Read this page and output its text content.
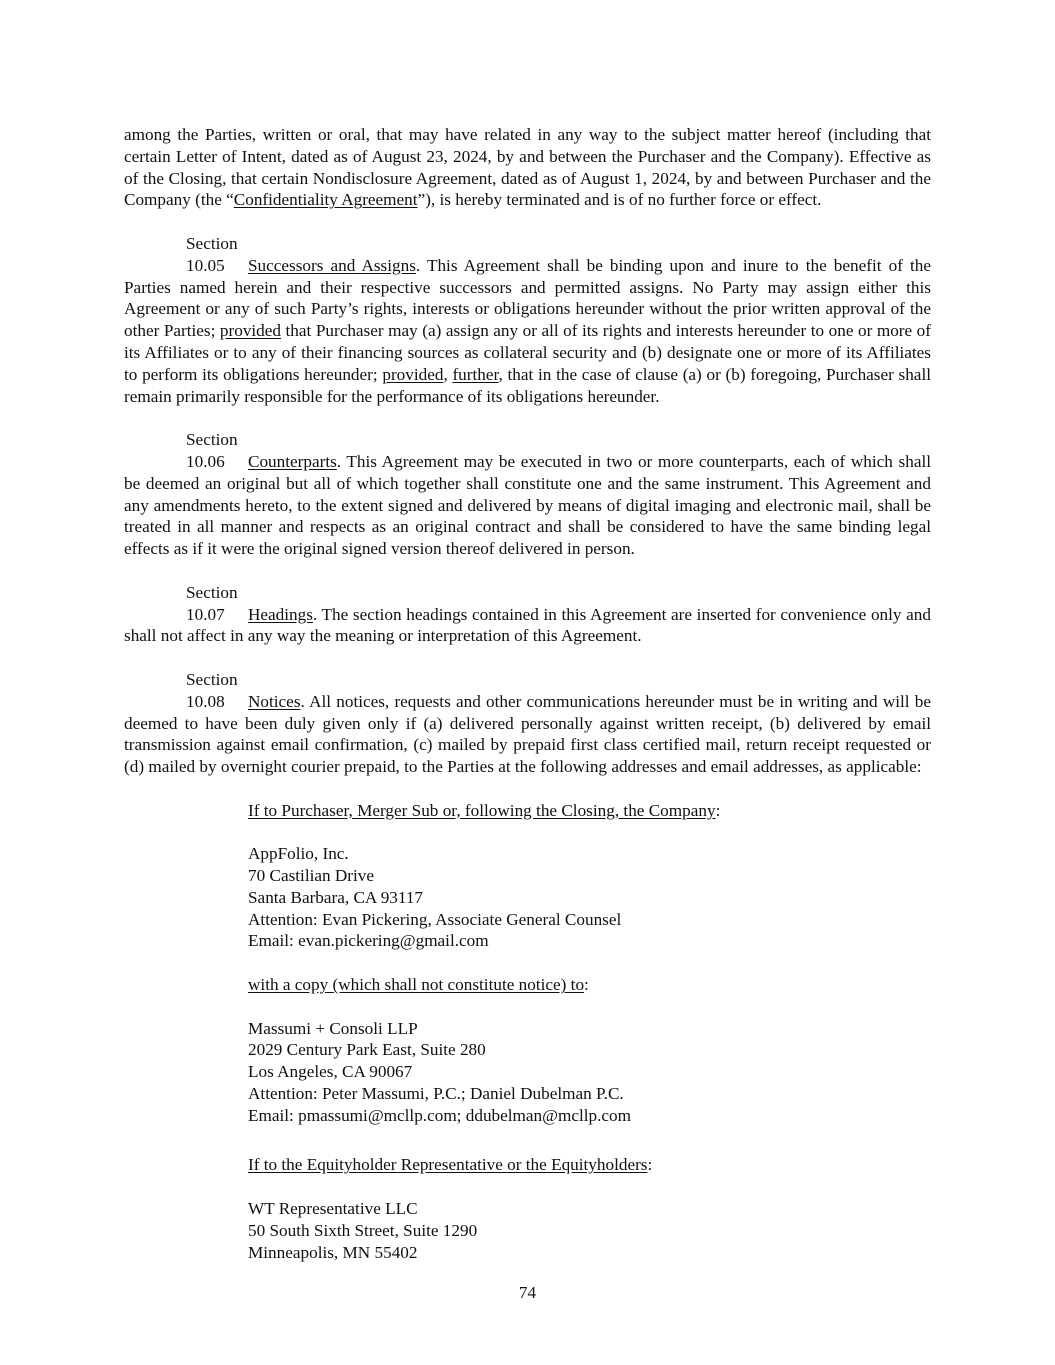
among the Parties, written or oral, that may have related in any way to the subject matter hereof (including that certain Letter of Intent, dated as of August 23, 2024, by and between the Purchaser and the Company). Effective as of the Closing, that certain Nondisclosure Agreement, dated as of August 1, 2024, by and between Purchaser and the Company (the “Confidentiality Agreement”), is hereby terminated and is of no further force or effect.

Section 10.05 Successors and Assigns. This Agreement shall be binding upon and inure to the benefit of the Parties named herein and their respective successors and permitted assigns. No Party may assign either this Agreement or any of such Party’s rights, interests or obligations hereunder without the prior written approval of the other Parties; provided that Purchaser may (a) assign any or all of its rights and interests hereunder to one or more of its Affiliates or to any of their financing sources as collateral security and (b) designate one or more of its Affiliates to perform its obligations hereunder; provided, further, that in the case of clause (a) or (b) foregoing, Purchaser shall remain primarily responsible for the performance of its obligations hereunder.

Section 10.06 Counterparts. This Agreement may be executed in two or more counterparts, each of which shall be deemed an original but all of which together shall constitute one and the same instrument. This Agreement and any amendments hereto, to the extent signed and delivered by means of digital imaging and electronic mail, shall be treated in all manner and respects as an original contract and shall be considered to have the same binding legal effects as if it were the original signed version thereof delivered in person.

Section 10.07 Headings. The section headings contained in this Agreement are inserted for convenience only and shall not affect in any way the meaning or interpretation of this Agreement.

Section 10.08 Notices. All notices, requests and other communications hereunder must be in writing and will be deemed to have been duly given only if (a) delivered personally against written receipt, (b) delivered by email transmission against email confirmation, (c) mailed by prepaid first class certified mail, return receipt requested or (d) mailed by overnight courier prepaid, to the Parties at the following addresses and email addresses, as applicable:

If to Purchaser, Merger Sub or, following the Closing, the Company:
AppFolio, Inc.
70 Castilian Drive
Santa Barbara, CA 93117
Attention: Evan Pickering, Associate General Counsel
Email: evan.pickering@gmail.com
with a copy (which shall not constitute notice) to:
Massumi + Consoli LLP
2029 Century Park East, Suite 280
Los Angeles, CA 90067
Attention: Peter Massumi, P.C.; Daniel Dubelman P.C.
Email: pmassumi@mcllp.com; ddubelman@mcllp.com
If to the Equityholder Representative or the Equityholders:
WT Representative LLC
50 South Sixth Street, Suite 1290
Minneapolis, MN 55402
74
